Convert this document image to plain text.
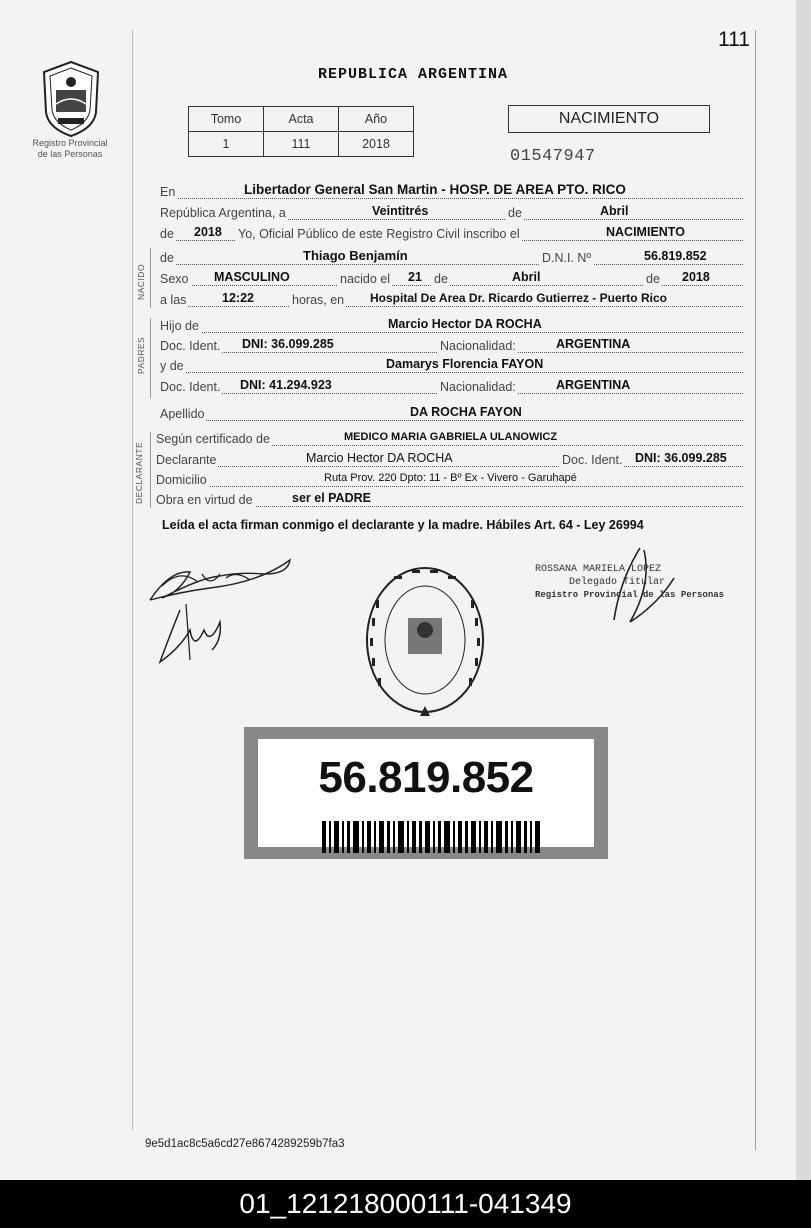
111
Registro Provincial de las Personas
REPUBLICA ARGENTINA
Tomo	Acta	Año
1	111	2018
NACIMIENTO
01547947
En	Libertador General San Martin - HOSP. DE AREA PTO. RICO
República Argentina, a	Veintitrés	de	Abril
de 2018 Yo, Oficial Público de este Registro Civil inscribo el	NACIMIENTO
NACIDO
de	Thiago Benjamín	D.N.I. Nº	56.819.852
Sexo MASCULINO	nacido el 21 de	Abril	de 2018
a las	12:22	horas, en Hospital De Area Dr. Ricardo Gutierrez - Puerto Rico
PADRES
Hijo de	Marcio Hector DA ROCHA
Doc. Ident. DNI: 36.099.285	Nacionalidad:	ARGENTINA
y de	Damarys Florencia FAYON
Doc. Ident. DNI: 41.294.923	Nacionalidad:	ARGENTINA
Apellido	DA ROCHA FAYON
DECLARANTE
Según certificado de	MEDICO MARIA GABRIELA ULANOWICZ
Declarante	Marcio Hector DA ROCHA	Doc. Ident. DNI: 36.099.285
Domicilio	Ruta Prov. 220 Dpto: 11 - Bº Ex - Vivero - Garuhapé
Obra en virtud de	ser el PADRE
Leída el acta firman conmigo el declarante y la madre. Hábiles Art. 64 - Ley 26994
ROSSANA MARIELA LOPEZ
Delegado Titular
Registro Provincial de las Personas
56.819.852
9e5d1ac8c5a6cd27e8674289259b7fa3
01_121218000111-041349
